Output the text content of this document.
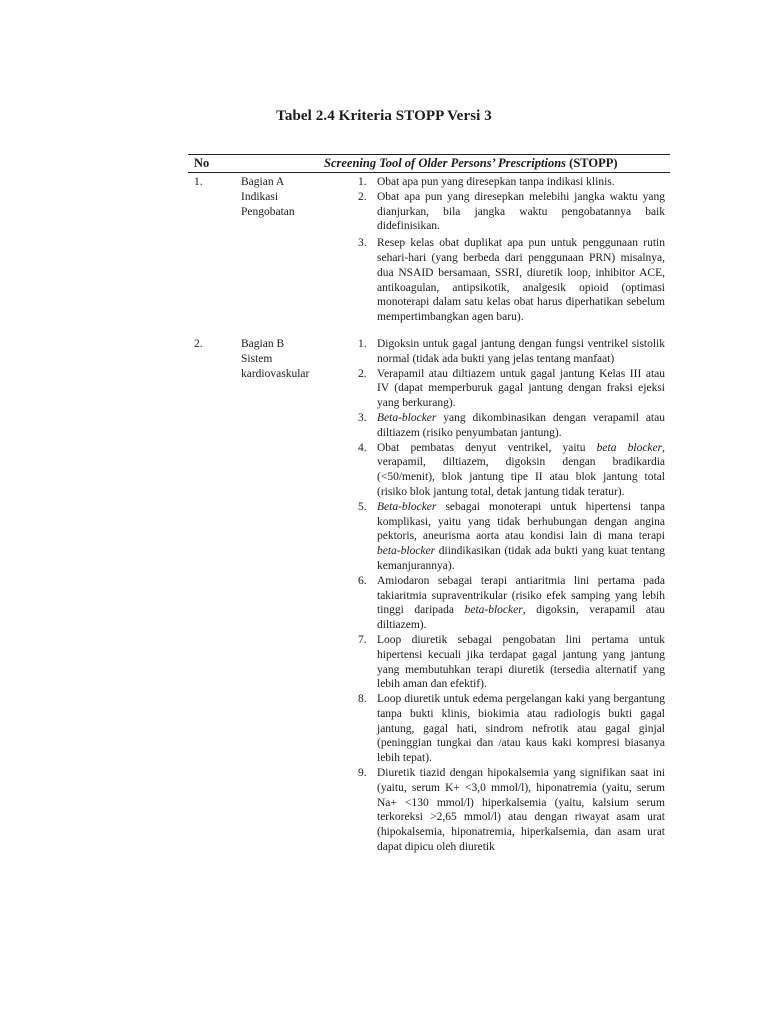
Tabel 2.4 Kriteria STOPP Versi 3
No	Screening Tool of Older Persons’ Prescriptions (STOPP)
1.	Bagian A
Indikasi
Pengobatan
1. Obat apa pun yang diresepkan tanpa indikasi klinis.
2. Obat apa pun yang diresepkan melebihi jangka waktu yang dianjurkan, bila jangka waktu pengobatannya baik didefinisikan.
3. Resep kelas obat duplikat apa pun untuk penggunaan rutin sehari-hari (yang berbeda dari penggunaan PRN) misalnya, dua NSAID bersamaan, SSRI, diuretik loop, inhibitor ACE, antikoagulan, antipsikotik, analgesik opioid (optimasi monoterapi dalam satu kelas obat harus diperhatikan sebelum mempertimbangkan agen baru).
2.	Bagian B
Sistem
kardiovaskular
1. Digoksin untuk gagal jantung dengan fungsi ventrikel sistolik normal (tidak ada bukti yang jelas tentang manfaat)
2. Verapamil atau diltiazem untuk gagal jantung Kelas III atau IV (dapat memperburuk gagal jantung dengan fraksi ejeksi yang berkurang).
3. Beta-blocker yang dikombinasikan dengan verapamil atau diltiazem (risiko penyumbatan jantung).
4. Obat pembatas denyut ventrikel, yaitu beta blocker, verapamil, diltiazem, digoksin dengan bradikardia (<50/menit), blok jantung tipe II atau blok jantung total (risiko blok jantung total, detak jantung tidak teratur).
5. Beta-blocker sebagai monoterapi untuk hipertensi tanpa komplikasi, yaitu yang tidak berhubungan dengan angina pektoris, aneurisma aorta atau kondisi lain di mana terapi beta-blocker diindikasikan (tidak ada bukti yang kuat tentang kemanjurannya).
6. Amiodaron sebagai terapi antiaritmia lini pertama pada takiaritmia supraventrikular (risiko efek samping yang lebih tinggi daripada beta-blocker, digoksin, verapamil atau diltiazem).
7. Loop diuretik sebagai pengobatan lini pertama untuk hipertensi kecuali jika terdapat gagal jantung yang jantung yang membutuhkan terapi diuretik (tersedia alternatif yang lebih aman dan efektif).
8. Loop diuretik untuk edema pergelangan kaki yang bergantung tanpa bukti klinis, biokimia atau radiologis bukti gagal jantung, gagal hati, sindrom nefrotik atau gagal ginjal (peninggian tungkai dan /atau kaus kaki kompresi biasanya lebih tepat).
9. Diuretik tiazid dengan hipokalsemia yang signifikan saat ini (yaitu, serum K+ <3,0 mmol/l), hiponatremia (yaitu, serum Na+ <130 mmol/l) hiperkalsemia (yaitu, kalsium serum terkoreksi >2,65 mmol/l) atau dengan riwayat asam urat (hipokalsemia, hiponatremia, hiperkalsemia, dan asam urat dapat dipicu oleh diuretik
